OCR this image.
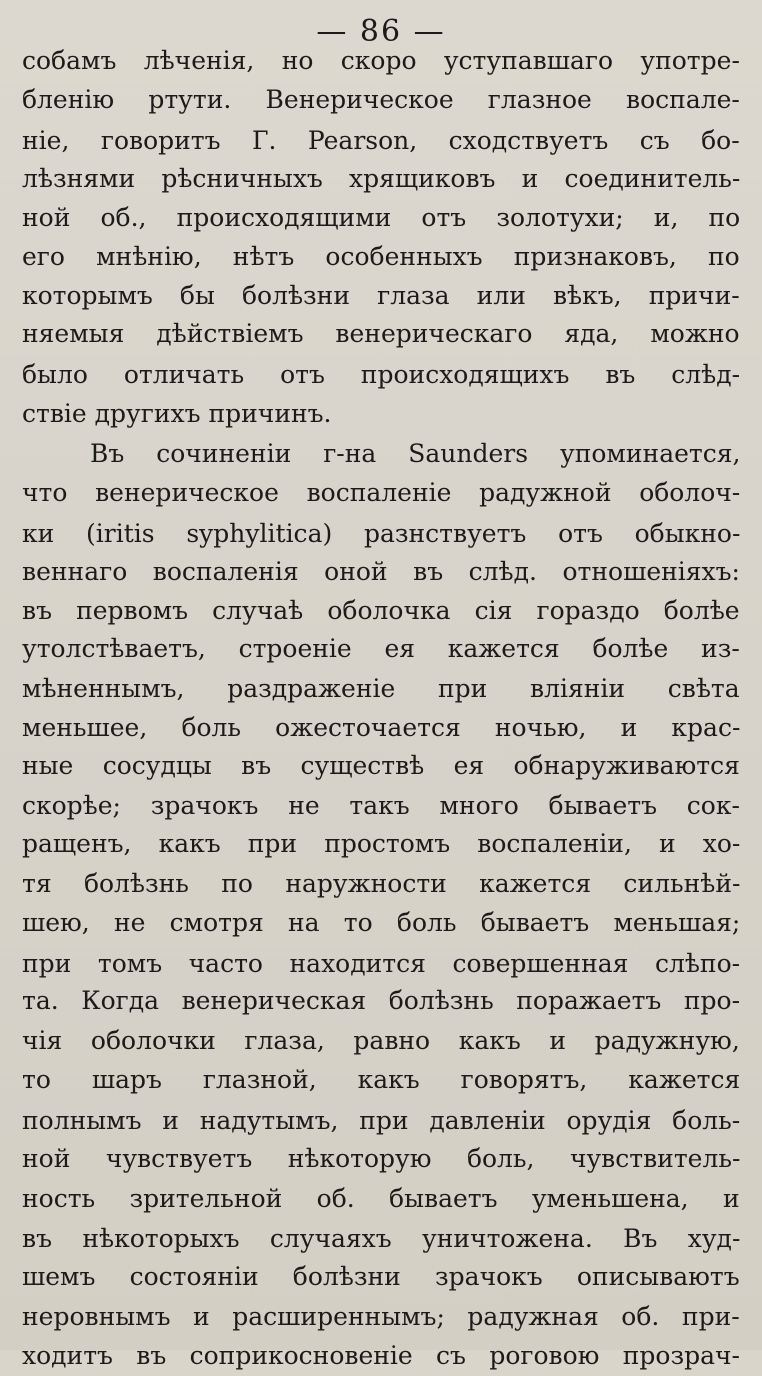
— 86 —
собамъ лѣченія, но скоро уступавшаго употре-
бленію ртути. Венерическое глазное воспале-
ніе, говоритъ Г. Pearson, сходствуетъ съ бо-
лѣзнями рѣсничныхъ хрящиковъ и соединитель-
ной об., происходящими отъ золотухи; и, по
его мнѣнію, нѣтъ особенныхъ признаковъ, по
которымъ бы болѣзни глаза или вѣкъ, причи-
няемыя дѣйствіемъ венерическаго яда, можно
было отличать отъ происходящихъ въ слѣд-
ствіе другихъ причинъ.
Въ сочиненіи г-на Saunders упоминается,
что венерическое воспаленіе радужной оболоч-
ки (iritis syphylitica) разнствуетъ отъ обыкно-
веннаго воспаленія оной въ слѣд. отношеніяхъ:
въ первомъ случаѣ оболочка сія гораздо болѣе
утолстѣваетъ, строеніе ея кажется болѣе из-
мѣненнымъ, раздраженіе при вліяніи свѣта
меньшее, боль ожесточается ночью, и крас-
ные сосудцы въ существѣ ея обнаруживаются
скорѣе; зрачокъ не такъ много бываетъ сок-
ращенъ, какъ при простомъ воспаленіи, и хо-
тя болѣзнь по наружности кажется сильнѣй-
шею, не смотря на то боль бываетъ меньшая;
при томъ часто находится совершенная слѣпо-
та. Когда венерическая болѣзнь поражаетъ про-
чія оболочки глаза, равно какъ и радужную,
то шаръ глазной, какъ говорятъ, кажется
полнымъ и надутымъ, при давленіи орудія боль-
ной чувствуетъ нѣкоторую боль, чувствитель-
ность зрительной об. бываетъ уменьшена, и
въ нѣкоторыхъ случаяхъ уничтожена. Въ худ-
шемъ состояніи болѣзни зрачокъ описываютъ
неровнымъ и расширеннымъ; радужная об. при-
ходитъ въ соприкосновеніе съ роговою прозрач-
